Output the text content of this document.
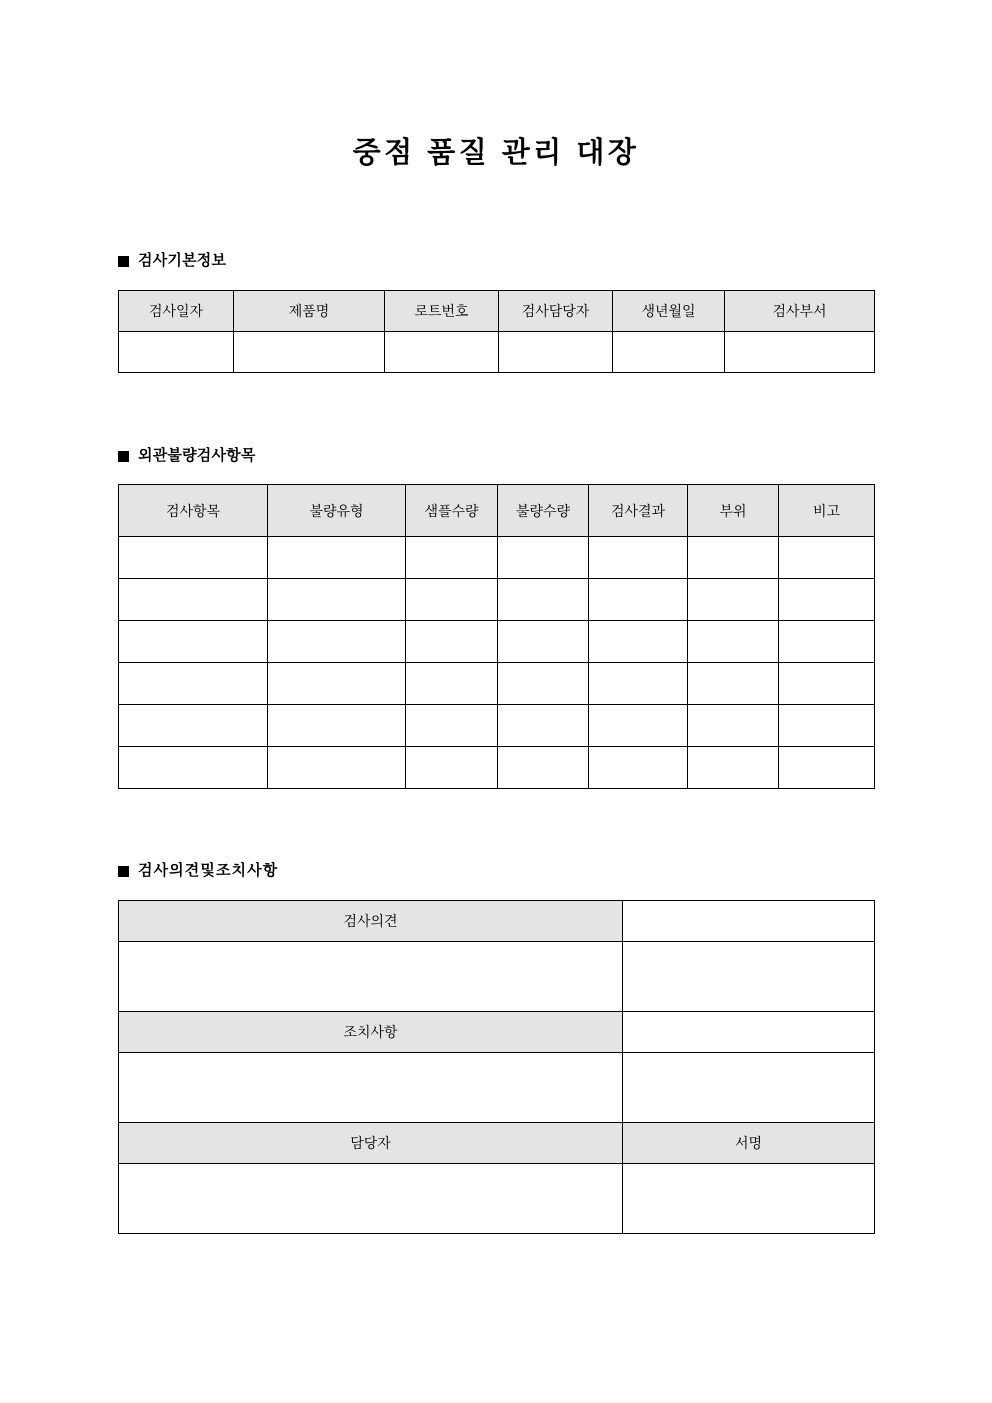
중점 품질 관리 대장
검사기본정보
검사일자	제품명	로트번호	검사담당자	생년월일	검사부서

외관불량검사항목
검사항목	불량유형	샘플수량	불량수량	검사결과	부위	비고

검사의견및조치사항
검사의견	

조치사항	

담당자	서명
